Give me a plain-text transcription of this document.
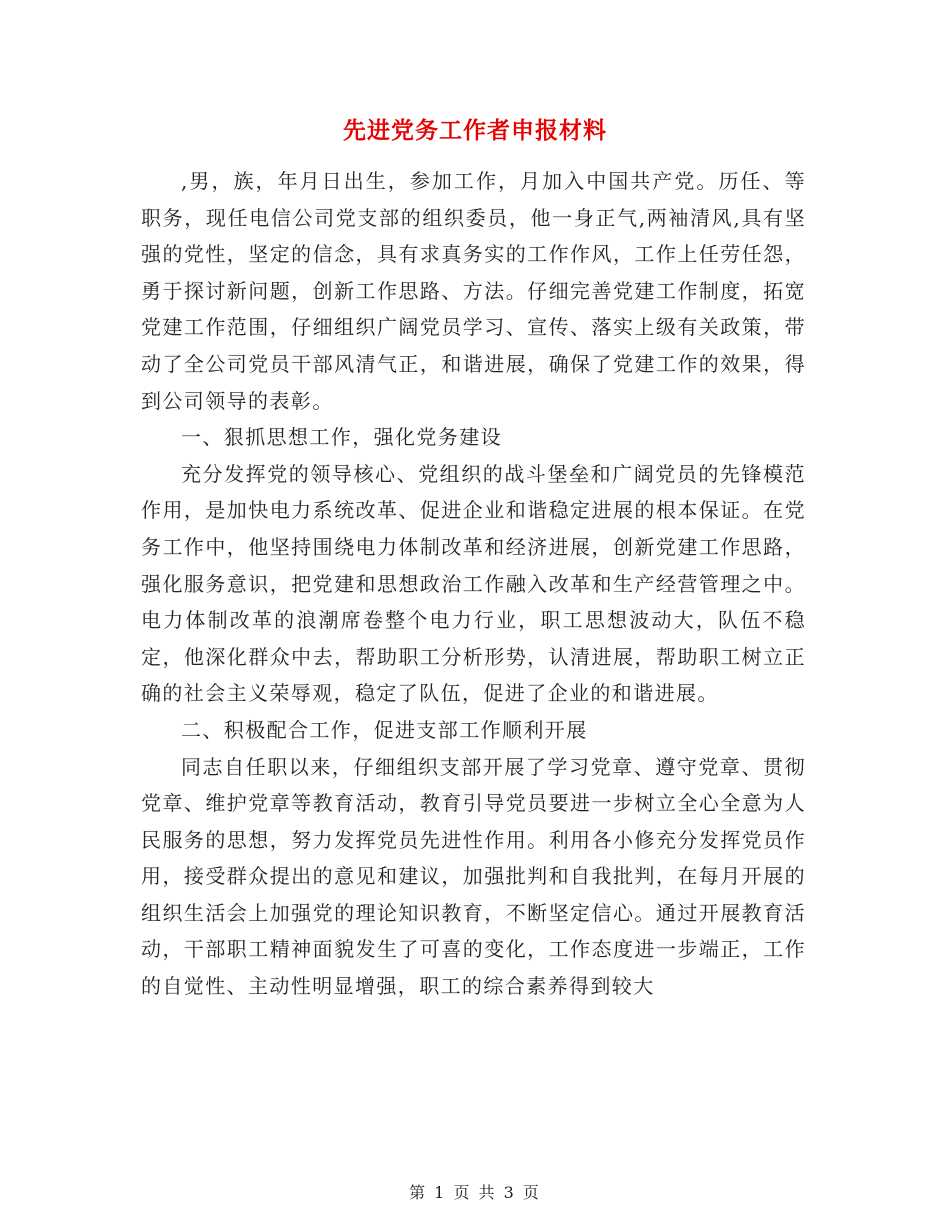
先进党务工作者申报材料

,男，族，年月日出生，参加工作，月加入中国共产党。历任、等职务，现任电信公司党支部的组织委员，他一身正气,两袖清风,具有坚强的党性，坚定的信念，具有求真务实的工作作风，工作上任劳任怨，勇于探讨新问题，创新工作思路、方法。仔细完善党建工作制度，拓宽党建工作范围，仔细组织广阔党员学习、宣传、落实上级有关政策，带动了全公司党员干部风清气正，和谐进展，确保了党建工作的效果，得到公司领导的表彰。

一、狠抓思想工作，强化党务建设

充分发挥党的领导核心、党组织的战斗堡垒和广阔党员的先锋模范作用，是加快电力系统改革、促进企业和谐稳定进展的根本保证。在党务工作中，他坚持围绕电力体制改革和经济进展，创新党建工作思路，强化服务意识，把党建和思想政治工作融入改革和生产经营管理之中。电力体制改革的浪潮席卷整个电力行业，职工思想波动大，队伍不稳定，他深化群众中去，帮助职工分析形势，认清进展，帮助职工树立正确的社会主义荣辱观，稳定了队伍，促进了企业的和谐进展。

二、积极配合工作，促进支部工作顺利开展

同志自任职以来，仔细组织支部开展了学习党章、遵守党章、贯彻党章、维护党章等教育活动，教育引导党员要进一步树立全心全意为人民服务的思想，努力发挥党员先进性作用。利用各小修充分发挥党员作用，接受群众提出的意见和建议，加强批判和自我批判，在每月开展的组织生活会上加强党的理论知识教育，不断坚定信心。通过开展教育活动，干部职工精神面貌发生了可喜的变化，工作态度进一步端正，工作的自觉性、主动性明显增强，职工的综合素养得到较大

第 1 页 共 3 页
